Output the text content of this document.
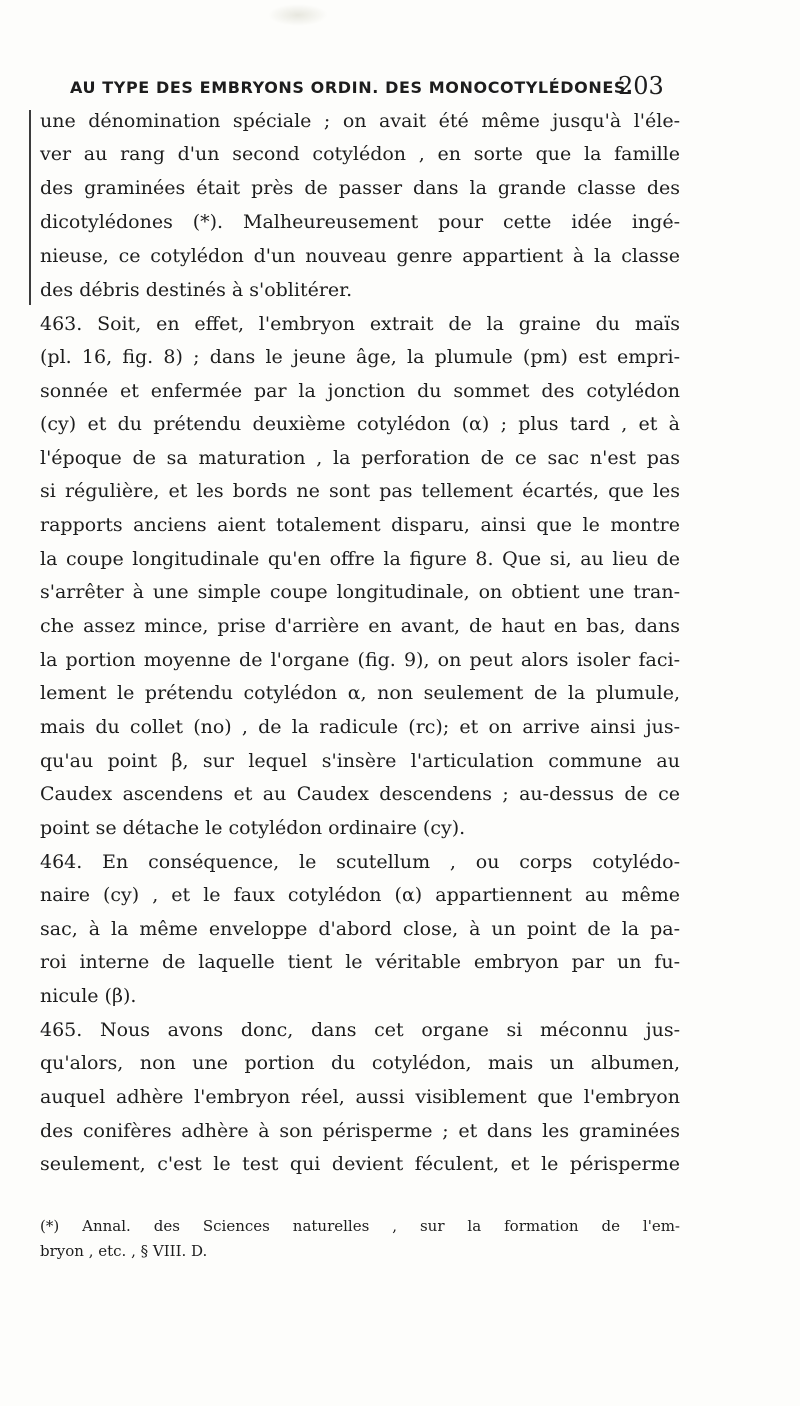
AU TYPE DES EMBRYONS ORDIN. DES MONOCOTYLÉDONES.
203
une dénomination spéciale ; on avait été même jusqu'à l'éle-
ver au rang d'un second cotylédon , en sorte que la famille
des graminées était près de passer dans la grande classe des
dicotylédones (*). Malheureusement pour cette idée ingé-
nieuse, ce cotylédon d'un nouveau genre appartient à la classe
des débris destinés à s'oblitérer.
463. Soit, en effet, l'embryon extrait de la graine du maïs
(pl. 16, fig. 8) ; dans le jeune âge, la plumule (pm) est empri-
sonnée et enfermée par la jonction du sommet des cotylédon
(cy) et du prétendu deuxième cotylédon (α) ; plus tard , et à
l'époque de sa maturation , la perforation de ce sac n'est pas
si régulière, et les bords ne sont pas tellement écartés, que les
rapports anciens aient totalement disparu, ainsi que le montre
la coupe longitudinale qu'en offre la figure 8. Que si, au lieu de
s'arrêter à une simple coupe longitudinale, on obtient une tran-
che assez mince, prise d'arrière en avant, de haut en bas, dans
la portion moyenne de l'organe (fig. 9), on peut alors isoler faci-
lement le prétendu cotylédon α, non seulement de la plumule,
mais du collet (no) , de la radicule (rc); et on arrive ainsi jus-
qu'au point β, sur lequel s'insère l'articulation commune au
Caudex ascendens et au Caudex descendens ; au-dessus de ce
point se détache le cotylédon ordinaire (cy).
464. En conséquence, le scutellum , ou corps cotylédo-
naire (cy) , et le faux cotylédon (α) appartiennent au même
sac, à la même enveloppe d'abord close, à un point de la pa-
roi interne de laquelle tient le véritable embryon par un fu-
nicule (β).
465. Nous avons donc, dans cet organe si méconnu jus-
qu'alors, non une portion du cotylédon, mais un albumen,
auquel adhère l'embryon réel, aussi visiblement que l'embryon
des conifères adhère à son périsperme ; et dans les graminées
seulement, c'est le test qui devient féculent, et le périsperme
(*) Annal. des Sciences naturelles , sur la formation de l'em-
bryon , etc. , § VIII. D.
